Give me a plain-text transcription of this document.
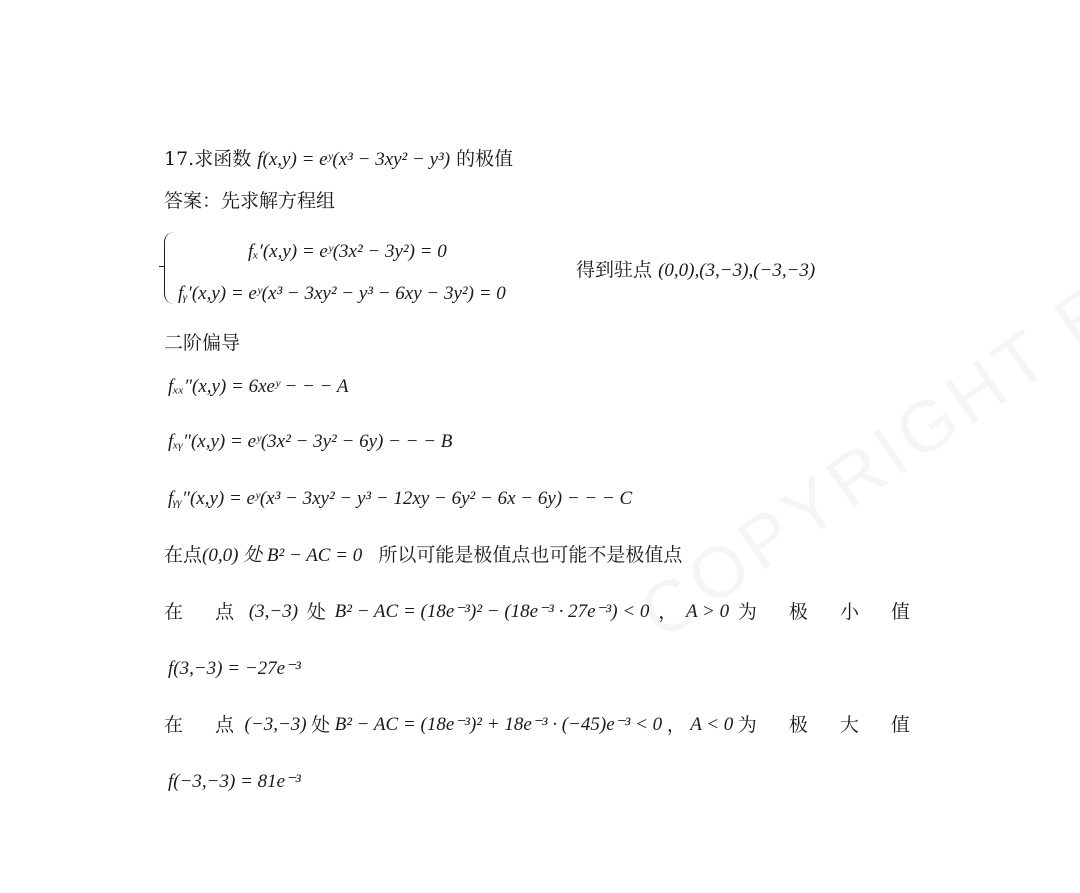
17.求函数 f(x,y) = eʸ(x³ − 3xy² − y³) 的极值
答案：先求解方程组
fₓ′(x,y) = eʸ(3x² − 3y²) = 0
fᵧ′(x,y) = eʸ(x³ − 3xy² − y³ − 6xy − 3y²) = 0
得到驻点 (0,0),(3,−3),(−3,−3)
二阶偏导
fₓₓ″(x,y) = 6xeʸ − − − A
fₓᵧ″(x,y) = eʸ(3x² − 3y² − 6y) − − − B
fᵧᵧ″(x,y) = eʸ(x³ − 3xy² − y³ − 12xy − 6y² − 6x − 6y) − − − C
在点(0,0) 处 B² − AC = 0 所以可能是极值点也可能不是极值点
在 点 (3,−3) 处 B² − AC = (18e⁻³)² − (18e⁻³ · 27e⁻³) < 0 ， A > 0 为 极 小 值
f(3,−3) = −27e⁻³
在 点 (−3,−3) 处 B² − AC = (18e⁻³)² + 18e⁻³ · (−45)e⁻³ < 0 ， A < 0 为 极 大 值
f(−3,−3) = 81e⁻³
